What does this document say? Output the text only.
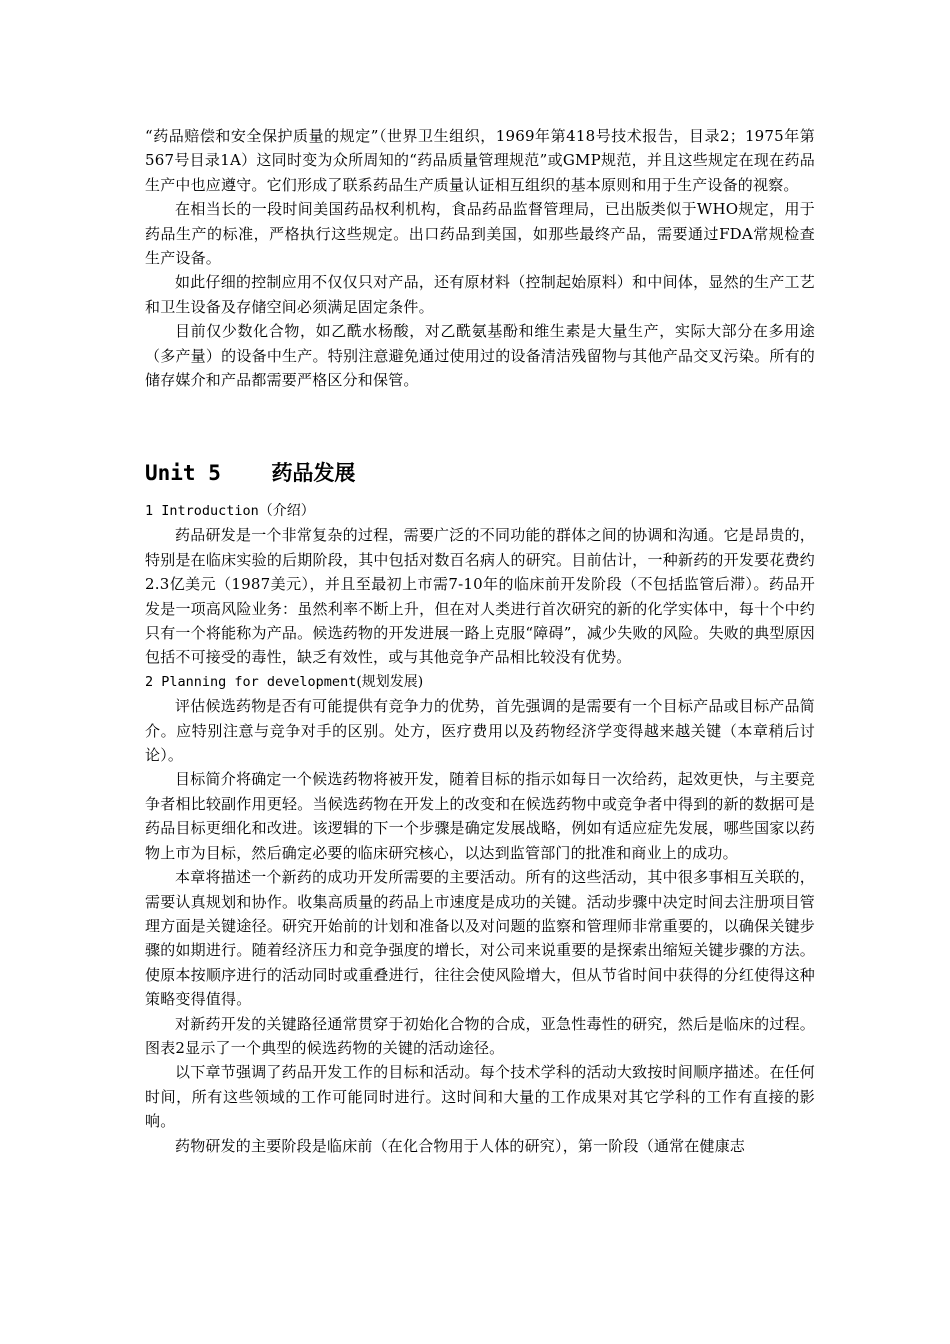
“药品赔偿和安全保护质量的规定”（世界卫生组织，1969年第418号技术报告，目录2；1975年第567号目录1A）这同时变为众所周知的“药品质量管理规范”或GMP规范，并且这些规定在现在药品生产中也应遵守。它们形成了联系药品生产质量认证相互组织的基本原则和用于生产设备的视察。

在相当长的一段时间美国药品权利机构，食品药品监督管理局，已出版类似于WHO规定，用于药品生产的标准，严格执行这些规定。出口药品到美国，如那些最终产品，需要通过FDA常规检查生产设备。

如此仔细的控制应用不仅仅只对产品，还有原材料（控制起始原料）和中间体，显然的生产工艺和卫生设备及存储空间必须满足固定条件。

目前仅少数化合物，如乙酰水杨酸，对乙酰氨基酚和维生素是大量生产，实际大部分在多用途（多产量）的设备中生产。特别注意避免通过使用过的设备清洁残留物与其他产品交叉污染。所有的储存媒介和产品都需要严格区分和保管。

Unit 5 药品发展

1 Introduction（介绍）

药品研发是一个非常复杂的过程，需要广泛的不同功能的群体之间的协调和沟通。它是昂贵的，特别是在临床实验的后期阶段，其中包括对数百名病人的研究。目前估计，一种新药的开发要花费约2.3亿美元（1987美元），并且至最初上市需7-10年的临床前开发阶段（不包括监管后滞）。药品开发是一项高风险业务：虽然利率不断上升，但在对人类进行首次研究的新的化学实体中，每十个中约只有一个将能称为产品。候选药物的开发进展一路上克服“障碍”，减少失败的风险。失败的典型原因包括不可接受的毒性，缺乏有效性，或与其他竞争产品相比较没有优势。

2 Planning for development(规划发展)

评估候选药物是否有可能提供有竞争力的优势，首先强调的是需要有一个目标产品或目标产品简介。应特别注意与竞争对手的区别。处方，医疗费用以及药物经济学变得越来越关键（本章稍后讨论）。

目标简介将确定一个候选药物将被开发，随着目标的指示如每日一次给药，起效更快，与主要竞争者相比较副作用更轻。当候选药物在开发上的改变和在候选药物中或竞争者中得到的新的数据可是药品目标更细化和改进。该逻辑的下一个步骤是确定发展战略，例如有适应症先发展，哪些国家以药物上市为目标，然后确定必要的临床研究核心，以达到监管部门的批准和商业上的成功。

本章将描述一个新药的成功开发所需要的主要活动。所有的这些活动，其中很多事相互关联的，需要认真规划和协作。收集高质量的药品上市速度是成功的关键。活动步骤中决定时间去注册项目管理方面是关键途径。研究开始前的计划和准备以及对问题的监察和管理师非常重要的，以确保关键步骤的如期进行。随着经济压力和竞争强度的增长，对公司来说重要的是探索出缩短关键步骤的方法。使原本按顺序进行的活动同时或重叠进行，往往会使风险增大，但从节省时间中获得的分红使得这种策略变得值得。

对新药开发的关键路径通常贯穿于初始化合物的合成，亚急性毒性的研究，然后是临床的过程。图表2显示了一个典型的候选药物的关键的活动途径。

以下章节强调了药品开发工作的目标和活动。每个技术学科的活动大致按时间顺序描述。在任何时间，所有这些领域的工作可能同时进行。这时间和大量的工作成果对其它学科的工作有直接的影响。

药物研发的主要阶段是临床前（在化合物用于人体的研究），第一阶段（通常在健康志
